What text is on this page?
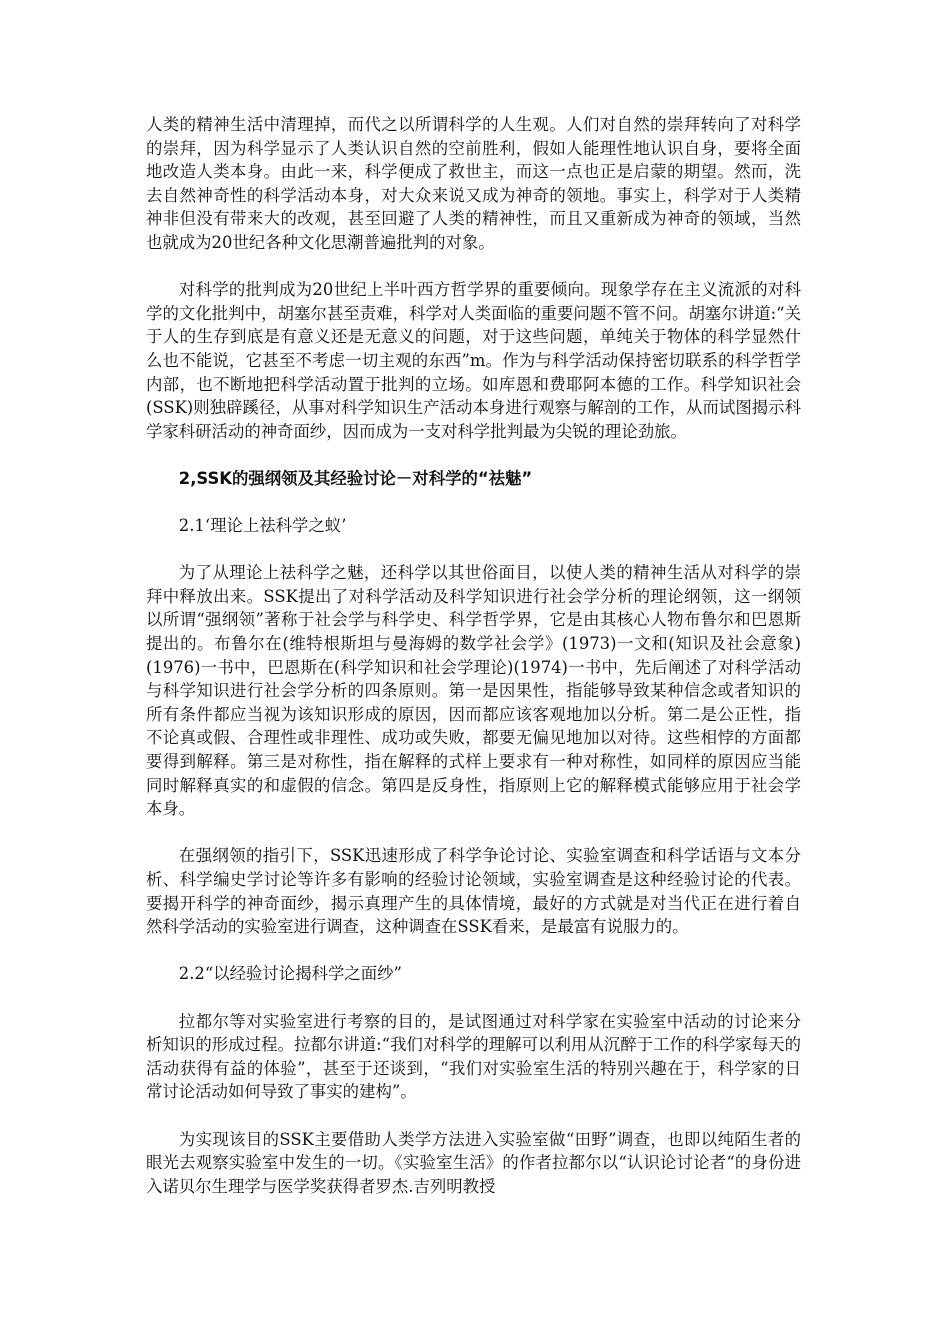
人类的精神生活中清理掉，而代之以所谓科学的人生观。人们对自然的崇拜转向了对科学的崇拜，因为科学显示了人类认识自然的空前胜利，假如人能理性地认识自身，要将全面地改造人类本身。由此一来，科学便成了救世主，而这一点也正是启蒙的期望。然而，洗去自然神奇性的科学活动本身，对大众来说又成为神奇的领地。事实上，科学对于人类精神非但没有带来大的改观，甚至回避了人类的精神性，而且又重新成为神奇的领域，当然也就成为20世纪各种文化思潮普遍批判的对象。

对科学的批判成为20世纪上半叶西方哲学界的重要倾向。现象学存在主义流派的对科学的文化批判中，胡塞尔甚至责难，科学对人类面临的重要问题不管不问。胡塞尔讲道:“关于人的生存到底是有意义还是无意义的问题，对于这些问题，单纯关于物体的科学显然什么也不能说，它甚至不考虑一切主观的东西”m。作为与科学活动保持密切联系的科学哲学内部，也不断地把科学活动置于批判的立场。如库恩和费耶阿本德的工作。科学知识社会(SSK)则独辟蹊径，从事对科学知识生产活动本身进行观察与解剖的工作，从而试图揭示科学家科研活动的神奇面纱，因而成为一支对科学批判最为尖锐的理论劲旅。

2,SSK的强纲领及其经验讨论－对科学的“祛魅”

2.1‘理论上祛科学之蚁’

为了从理论上祛科学之魅，还科学以其世俗面目，以使人类的精神生活从对科学的崇拜中释放出来。SSK提出了对科学活动及科学知识进行社会学分析的理论纲领，这一纲领以所谓“强纲领”著称于社会学与科学史、科学哲学界，它是由其核心人物布鲁尔和巴恩斯提出的。布鲁尔在(维特根斯坦与曼海姆的数学社会学》(1973)一文和(知识及社会意象)(1976)一书中，巴恩斯在(科学知识和社会学理论)(1974)一书中，先后阐述了对科学活动与科学知识进行社会学分析的四条原则。第一是因果性，指能够导致某种信念或者知识的所有条件都应当视为该知识形成的原因，因而都应该客观地加以分析。第二是公正性，指不论真或假、合理性或非理性、成功或失败，都要无偏见地加以对待。这些相悖的方面都要得到解释。第三是对称性，指在解释的式样上要求有一种对称性，如同样的原因应当能同时解释真实的和虚假的信念。第四是反身性，指原则上它的解释模式能够应用于社会学本身。

在强纲领的指引下，SSK迅速形成了科学争论讨论、实验室调查和科学话语与文本分析、科学编史学讨论等许多有影响的经验讨论领域，实验室调查是这种经验讨论的代表。要揭开科学的神奇面纱，揭示真理产生的具体情境，最好的方式就是对当代正在进行着自然科学活动的实验室进行调查，这种调查在SSK看来，是最富有说服力的。

2.2“以经验讨论揭科学之面纱”

拉都尔等对实验室进行考察的目的，是试图通过对科学家在实验室中活动的讨论来分析知识的形成过程。拉都尔讲道:“我们对科学的理解可以利用从沉醉于工作的科学家每天的活动获得有益的体验”，甚至于还谈到，“我们对实验室生活的特别兴趣在于，科学家的日常讨论活动如何导致了事实的建构”。

为实现该目的SSK主要借助人类学方法进入实验室做“田野”调查，也即以纯陌生者的眼光去观察实验室中发生的一切。《实验室生活》的作者拉都尔以“认识论讨论者“的身份进入诺贝尔生理学与医学奖获得者罗杰.吉列明教授
